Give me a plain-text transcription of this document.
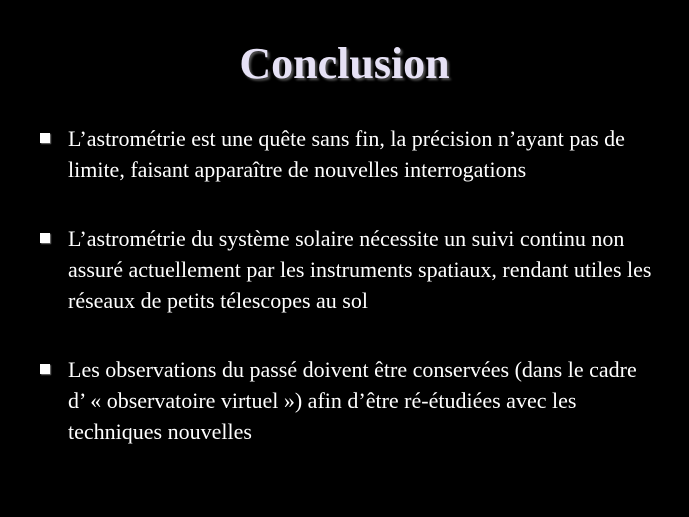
Conclusion
L’astrométrie est une quête sans fin, la précision n’ayant pas de limite, faisant apparaître de nouvelles interrogations
L’astrométrie du système solaire nécessite un suivi continu non assuré actuellement par les instruments spatiaux, rendant utiles les réseaux de petits télescopes au sol
Les observations du passé doivent être conservées (dans le cadre d’ « observatoire virtuel ») afin d’être ré-étudiées avec les techniques nouvelles
